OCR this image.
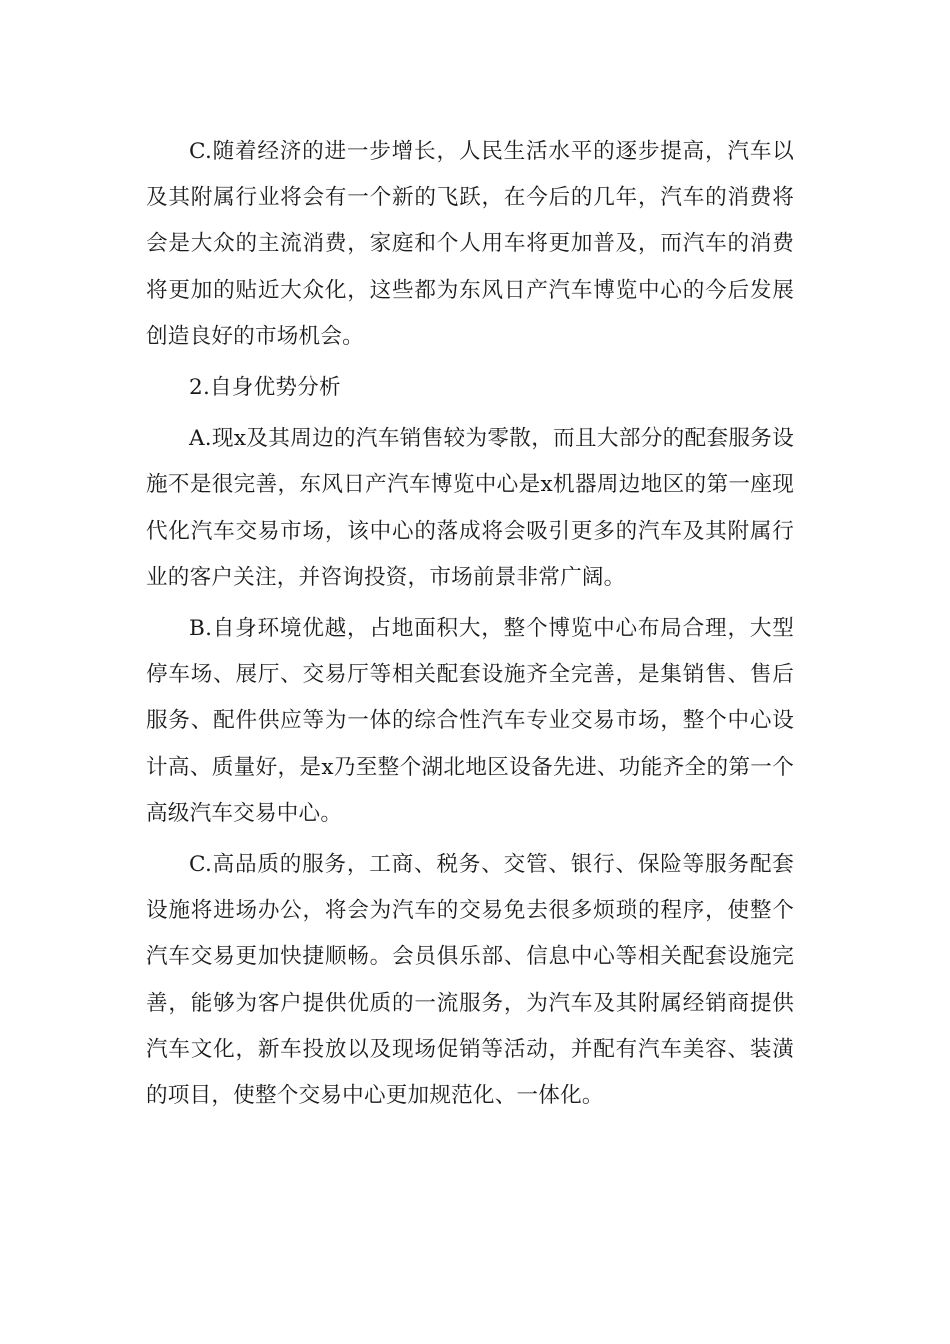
C.随着经济的进一步增长，人民生活水平的逐步提高，汽车以及其附属行业将会有一个新的飞跃，在今后的几年，汽车的消费将会是大众的主流消费，家庭和个人用车将更加普及，而汽车的消费将更加的贴近大众化，这些都为东风日产汽车博览中心的今后发展创造良好的市场机会。

2.自身优势分析

A.现x及其周边的汽车销售较为零散，而且大部分的配套服务设施不是很完善，东风日产汽车博览中心是x机器周边地区的第一座现代化汽车交易市场，该中心的落成将会吸引更多的汽车及其附属行业的客户关注，并咨询投资，市场前景非常广阔。

B.自身环境优越，占地面积大，整个博览中心布局合理，大型停车场、展厅、交易厅等相关配套设施齐全完善，是集销售、售后服务、配件供应等为一体的综合性汽车专业交易市场，整个中心设计高、质量好，是x乃至整个湖北地区设备先进、功能齐全的第一个高级汽车交易中心。

C.高品质的服务，工商、税务、交管、银行、保险等服务配套设施将进场办公，将会为汽车的交易免去很多烦琐的程序，使整个汽车交易更加快捷顺畅。会员俱乐部、信息中心等相关配套设施完善，能够为客户提供优质的一流服务，为汽车及其附属经销商提供汽车文化，新车投放以及现场促销等活动，并配有汽车美容、装潢的项目，使整个交易中心更加规范化、一体化。
